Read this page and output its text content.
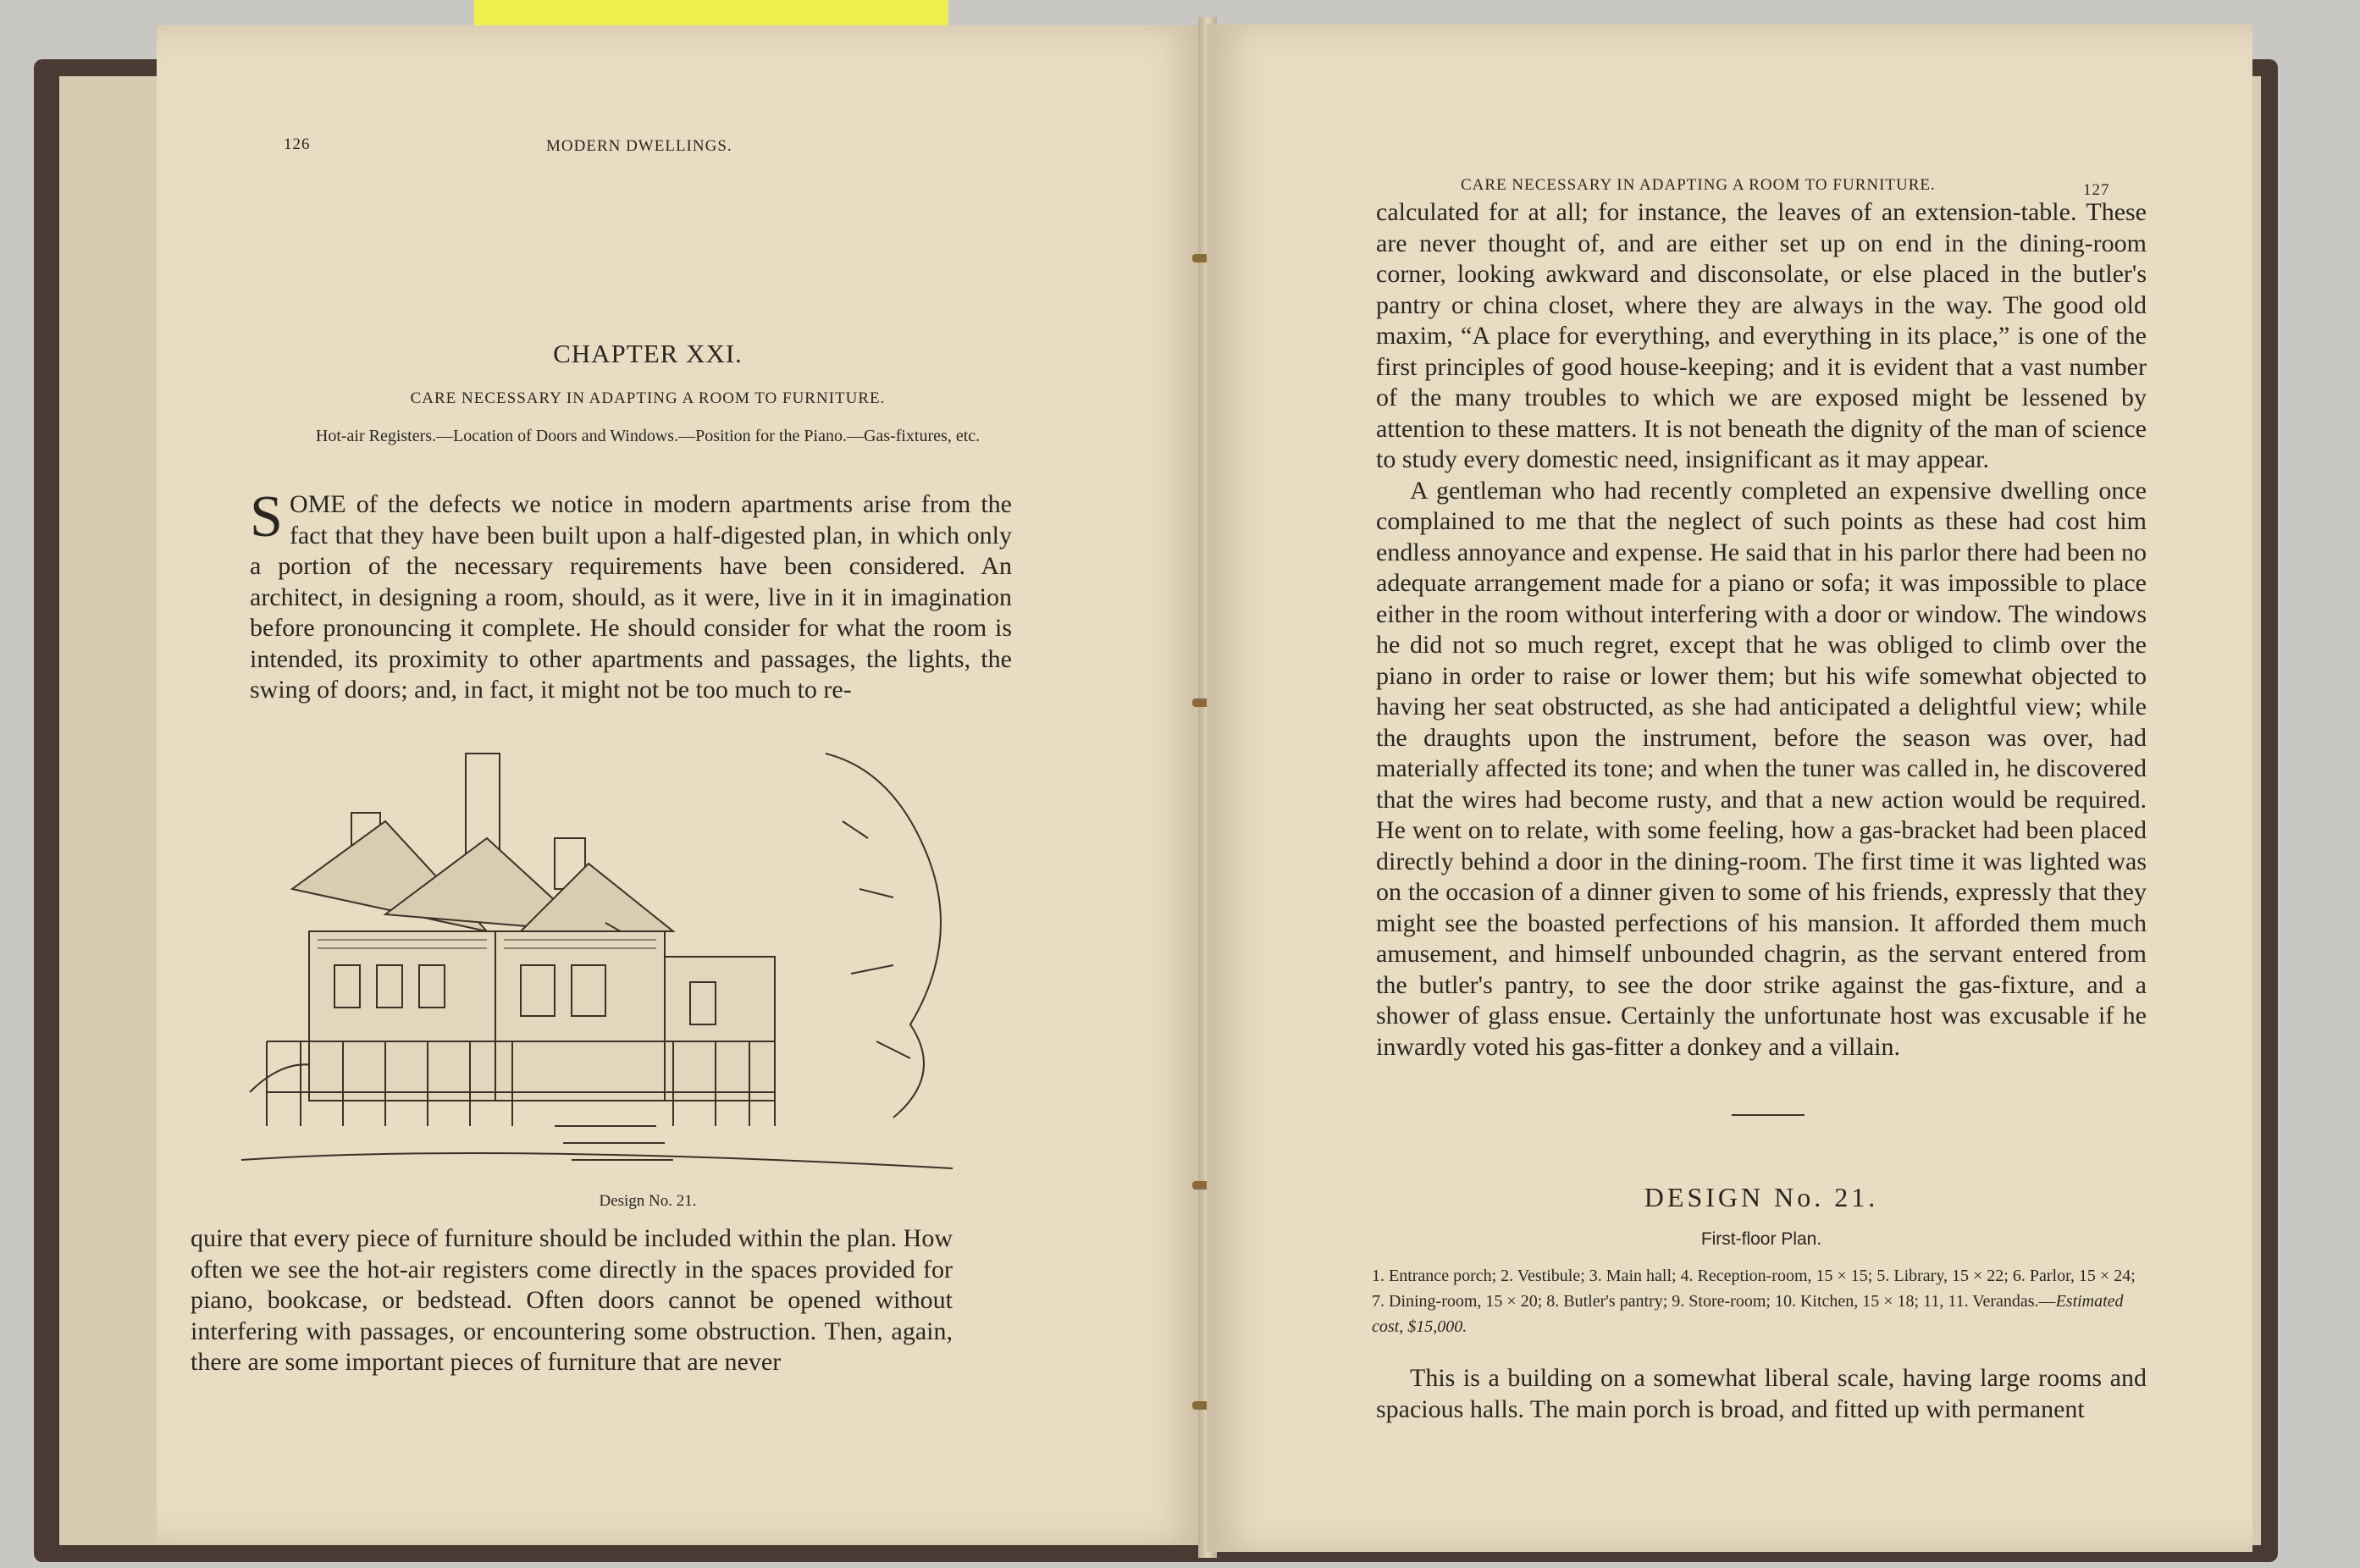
126	MODERN DWELLINGS.
CHAPTER XXI.
CARE NECESSARY IN ADAPTING A ROOM TO FURNITURE.
Hot-air Registers.—Location of Doors and Windows.—Position for the Piano.—Gas-fixtures, etc.
S OME of the defects we notice in modern apartments arise from the fact that they have been built upon a half-digested plan, in which only a portion of the necessary requirements have been considered. An architect, in designing a room, should, as it were, live in it in imagination before pronouncing it complete. He should consider for what the room is intended, its proximity to other apartments and passages, the lights, the swing of doors; and, in fact, it might not be too much to re-
Design No. 21.
quire that every piece of furniture should be included within the plan. How often we see the hot-air registers come directly in the spaces provided for piano, bookcase, or bedstead. Often doors cannot be opened without interfering with passages, or encountering some obstruction. Then, again, there are some important pieces of furniture that are never
CARE NECESSARY IN ADAPTING A ROOM TO FURNITURE.	127

calculated for at all; for instance, the leaves of an extension-table. These are never thought of, and are either set up on end in the dining-room corner, looking awkward and disconsolate, or else placed in the butler's pantry or china closet, where they are always in the way. The good old maxim, “A place for everything, and everything in its place,” is one of the first principles of good house-keeping; and it is evident that a vast number of the many troubles to which we are exposed might be lessened by attention to these matters. It is not beneath the dignity of the man of science to study every domestic need, insignificant as it may appear.

A gentleman who had recently completed an expensive dwelling once complained to me that the neglect of such points as these had cost him endless annoyance and expense. He said that in his parlor there had been no adequate arrangement made for a piano or sofa; it was impossible to place either in the room without interfering with a door or window. The windows he did not so much regret, except that he was obliged to climb over the piano in order to raise or lower them; but his wife somewhat objected to having her seat obstructed, as she had anticipated a delightful view; while the draughts upon the instrument, before the season was over, had materially affected its tone; and when the tuner was called in, he discovered that the wires had become rusty, and that a new action would be required. He went on to relate, with some feeling, how a gas-bracket had been placed directly behind a door in the dining-room. The first time it was lighted was on the occasion of a dinner given to some of his friends, expressly that they might see the boasted perfections of his mansion. It afforded them much amusement, and himself unbounded chagrin, as the servant entered from the butler's pantry, to see the door strike against the gas-fixture, and a shower of glass ensue. Certainly the unfortunate host was excusable if he inwardly voted his gas-fitter a donkey and a villain.

DESIGN No. 21.
First-floor Plan.
1. Entrance porch; 2. Vestibule; 3. Main hall; 4. Reception-room, 15 × 15; 5. Library, 15 × 22; 6. Parlor, 15 × 24; 7. Dining-room, 15 × 20; 8. Butler's pantry; 9. Store-room; 10. Kitchen, 15 × 18; 11, 11. Verandas.—Estimated cost, $15,000.
This is a building on a somewhat liberal scale, having large rooms and spacious halls. The main porch is broad, and fitted up with permanent
